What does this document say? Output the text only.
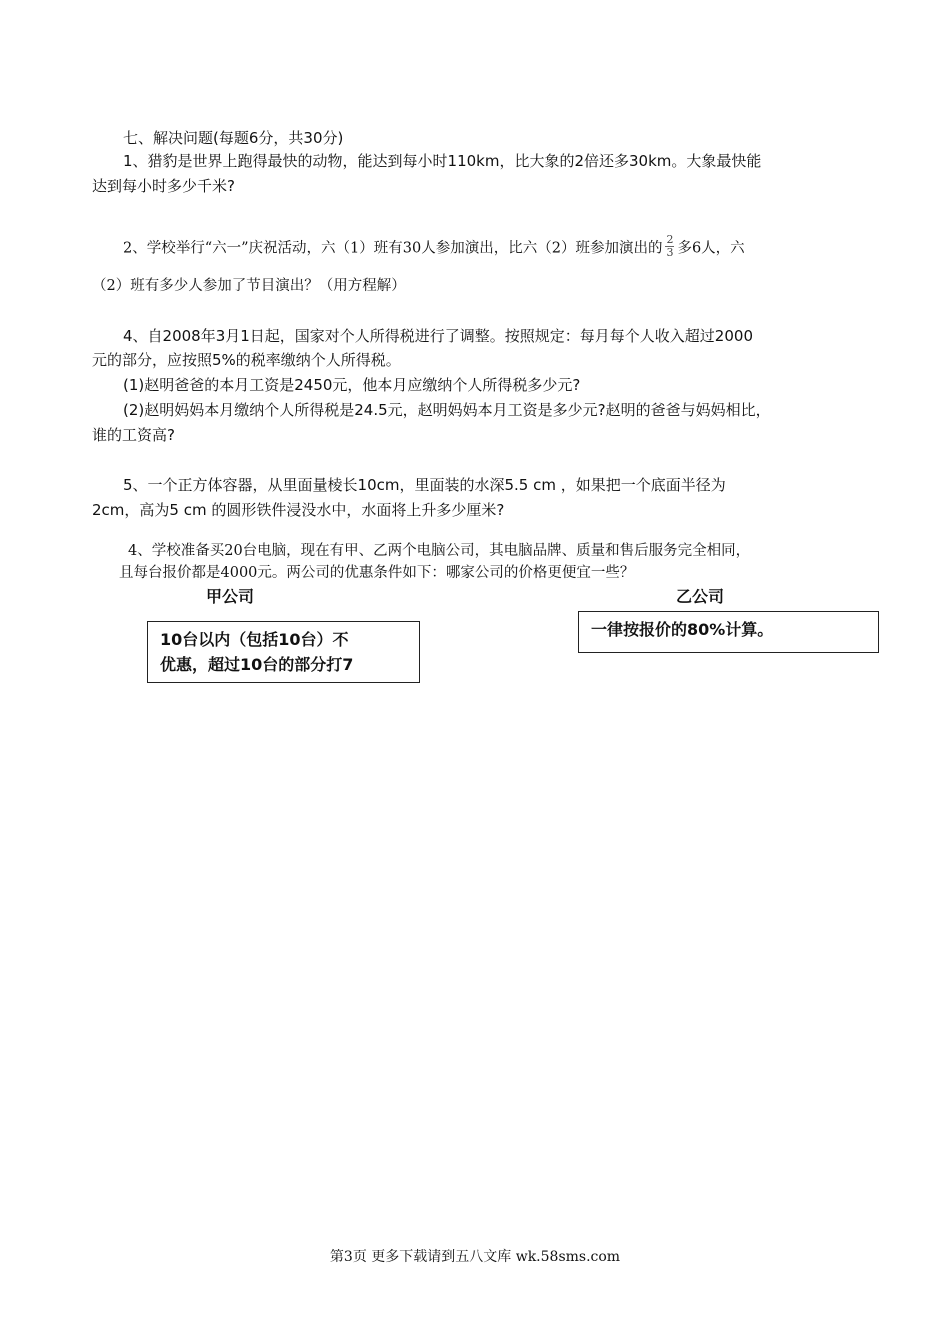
七、解决问题(每题6分，共30分)
1、猎豹是世界上跑得最快的动物，能达到每小时110km，比大象的2倍还多30km。大象最快能
达到每小时多少千米?
2、学校举行“六一”庆祝活动，六（1）班有30人参加演出，比六（2）班参加演出的 $\frac{2}{3}$ 多6人，六
（2）班有多少人参加了节目演出？（用方程解）
4、自2008年3月1日起，国家对个人所得税进行了调整。按照规定：每月每个人收入超过2000
元的部分，应按照5%的税率缴纳个人所得税。
(1)赵明爸爸的本月工资是2450元，他本月应缴纳个人所得税多少元?
(2)赵明妈妈本月缴纳个人所得税是24.5元，赵明妈妈本月工资是多少元?赵明的爸爸与妈妈相比，
谁的工资高?
5、一个正方体容器，从里面量棱长10cm，里面装的水深5.5 cm ，如果把一个底面半径为
2cm，高为5 cm 的圆形铁件浸没水中，水面将上升多少厘米?
4、学校准备买20台电脑，现在有甲、乙两个电脑公司，其电脑品牌、质量和售后服务完全相同，
且每台报价都是4000元。两公司的优惠条件如下：哪家公司的价格更便宜一些？
甲公司	乙公司
10台以内（包括10台）不
优惠，超过10台的部分打7
一律按报价的80%计算。
第3页 更多下载请到五八文库 wk.58sms.com
